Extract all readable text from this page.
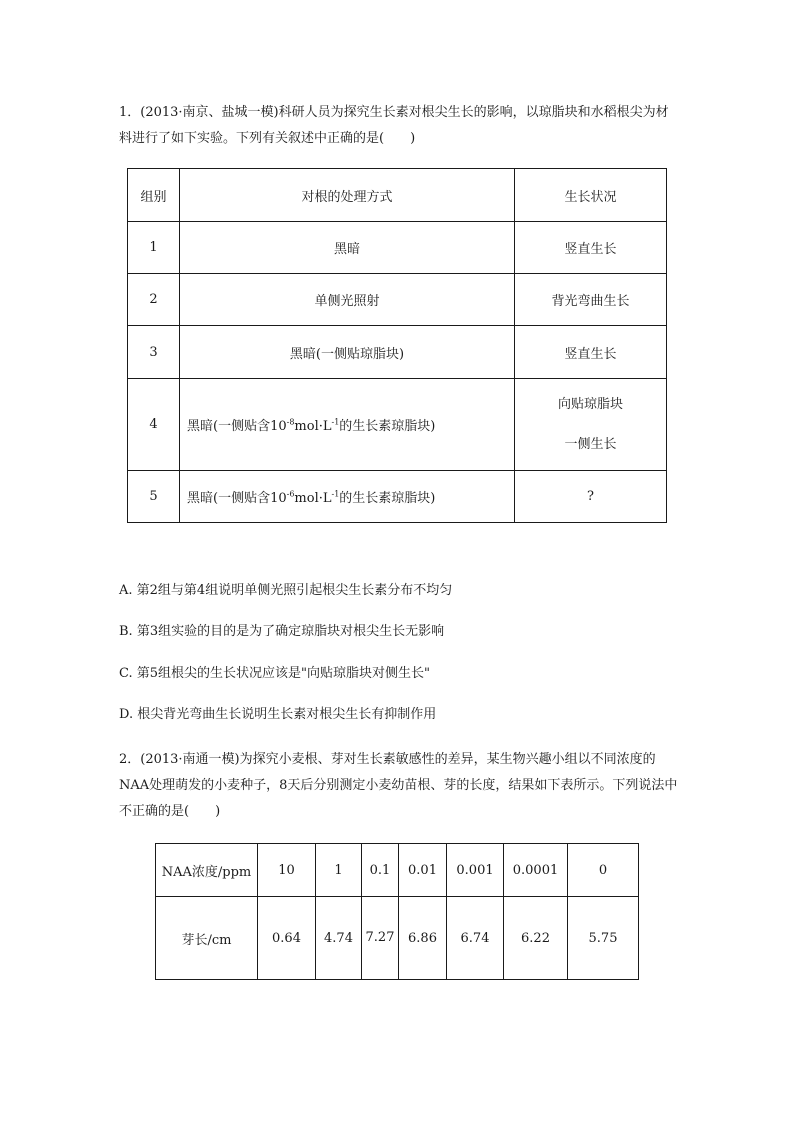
1．(2013·南京、盐城一模)科研人员为探究生长素对根尖生长的影响，以琼脂块和水稻根尖为材料进行了如下实验。下列有关叙述中正确的是(　　)

组别	对根的处理方式	生长状况
1	黑暗	竖直生长
2	单侧光照射	背光弯曲生长
3	黑暗(一侧贴琼脂块)	竖直生长
4	黑暗(一侧贴含$10^{-8}mol\cdot L^{-1}$的生长素琼脂块)	向贴琼脂块
一侧生长

5	黑暗(一侧贴含$10^{-6}mol\cdot L^{-1}$的生长素琼脂块)	?

A. 第2组与第4组说明单侧光照引起根尖生长素分布不均匀

B. 第3组实验的目的是为了确定琼脂块对根尖生长无影响

C. 第5组根尖的生长状况应该是"向贴琼脂块对侧生长"

D. 根尖背光弯曲生长说明生长素对根尖生长有抑制作用

2．(2013·南通一模)为探究小麦根、芽对生长素敏感性的差异，某生物兴趣小组以不同浓度的NAA处理萌发的小麦种子，8天后分别测定小麦幼苗根、芽的长度，结果如下表所示。下列说法中不正确的是(　　)

NAA浓度/ppm	10	1	0.1	0.01	0.001	0.0001	0
芽长/cm	0.64	4.74	7.27	6.86	6.74	6.22	5.75
